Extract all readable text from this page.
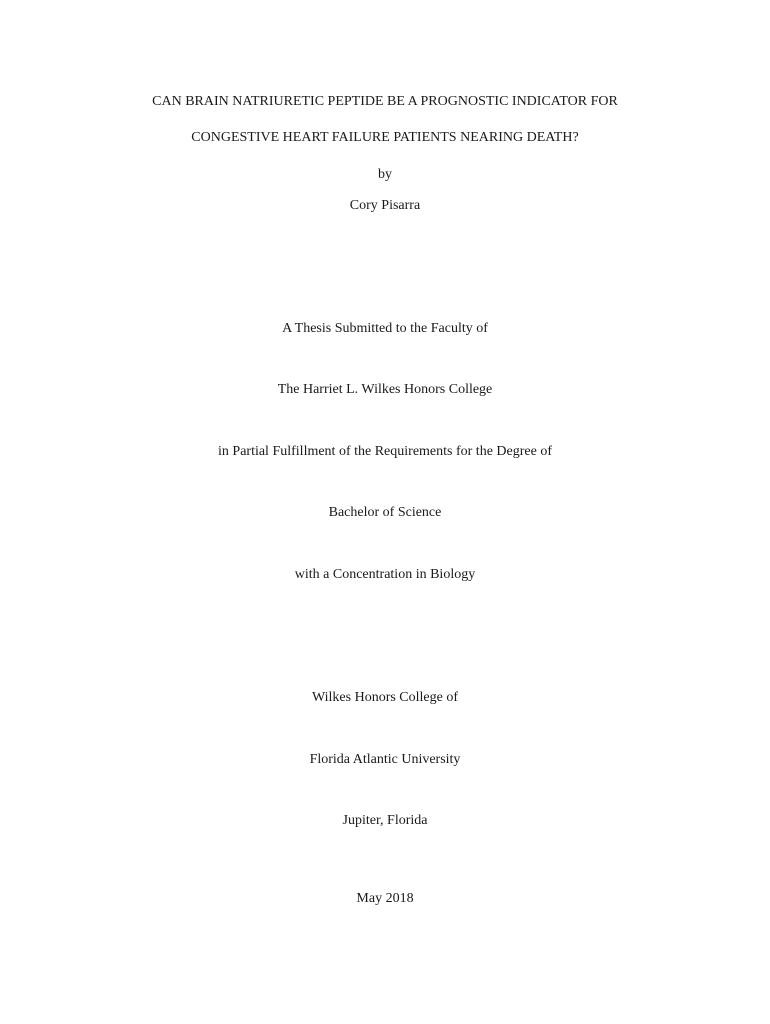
CAN BRAIN NATRIURETIC PEPTIDE BE A PROGNOSTIC INDICATOR FOR
CONGESTIVE HEART FAILURE PATIENTS NEARING DEATH?
by
Cory Pisarra
A Thesis Submitted to the Faculty of
The Harriet L. Wilkes Honors College
in Partial Fulfillment of the Requirements for the Degree of
Bachelor of Science
with a Concentration in Biology
Wilkes Honors College of
Florida Atlantic University
Jupiter, Florida
May 2018
